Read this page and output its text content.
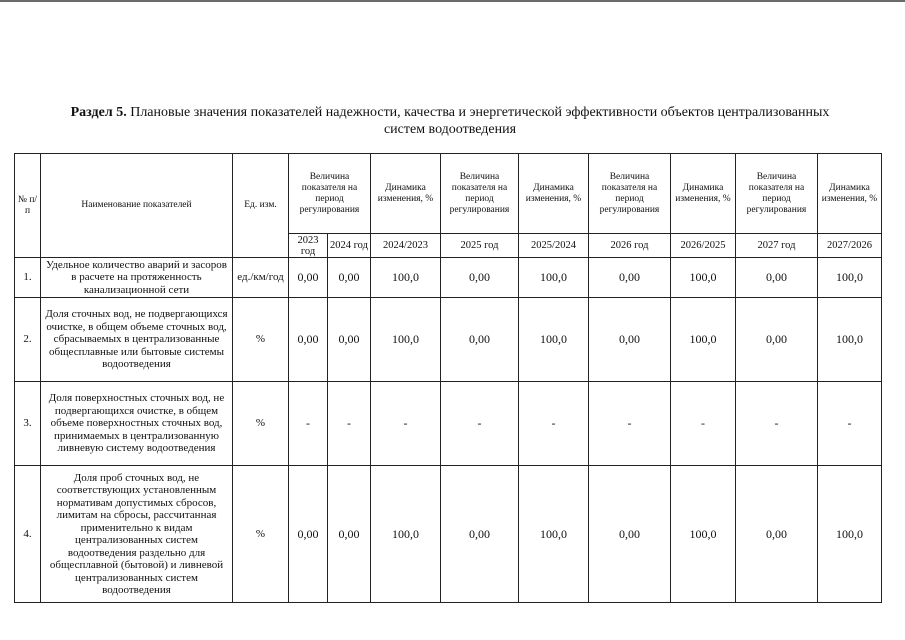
Раздел 5. Плановые значения показателей надежности, качества и энергетической эффективности объектов централизованных систем водоотведения
№ п/п	Наименование показателей	Ед. изм.	Величина показателя на период регулирования		Динамика изменения, %	Величина показателя на период регулирования	Динамика изменения, %	Величина показателя на период регулирования	Динамика изменения, %	Величина показателя на период регулирования	Динамика изменения, %
			2023 год	2024 год	2024/2023	2025 год	2025/2024	2026 год	2026/2025	2027 год	2027/2026
1.	Удельное количество аварий и засоров в расчете на протяженность канализационной сети	ед./км/год	0,00	0,00	100,0	0,00	100,0	0,00	100,0	0,00	100,0
2.	Доля сточных вод, не подвергающихся очистке, в общем объеме сточных вод, сбрасываемых в централизованные общесплавные или бытовые системы водоотведения	%	0,00	0,00	100,0	0,00	100,0	0,00	100,0	0,00	100,0
3.	Доля поверхностных сточных вод, не подвергающихся очистке, в общем объеме поверхностных сточных вод, принимаемых в централизованную ливневую систему водоотведения	%	-	-	-	-	-	-	-	-	-
4.	Доля проб сточных вод, не соответствующих установленным нормативам допустимых сбросов, лимитам на сбросы, рассчитанная применительно к видам централизованных систем водоотведения раздельно для общесплавной (бытовой) и ливневой централизованных систем водоотведения	%	0,00	0,00	100,0	0,00	100,0	0,00	100,0	0,00	100,0
